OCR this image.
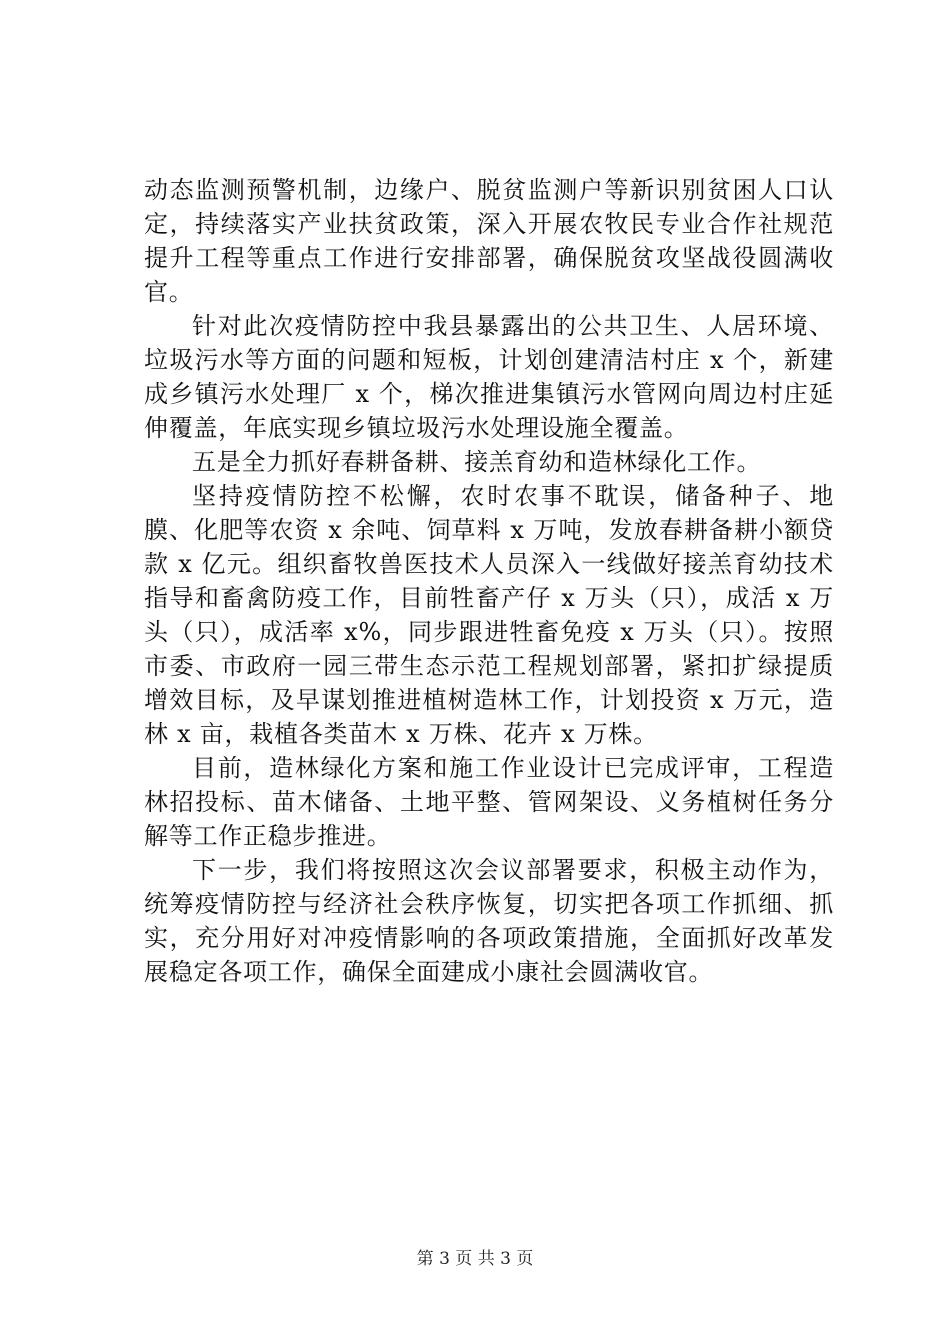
动态监测预警机制，边缘户、脱贫监测户等新识别贫困人口认定，持续落实产业扶贫政策，深入开展农牧民专业合作社规范提升工程等重点工作进行安排部署，确保脱贫攻坚战役圆满收官。

针对此次疫情防控中我县暴露出的公共卫生、人居环境、垃圾污水等方面的问题和短板，计划创建清洁村庄 x 个，新建成乡镇污水处理厂 x 个，梯次推进集镇污水管网向周边村庄延伸覆盖，年底实现乡镇垃圾污水处理设施全覆盖。

五是全力抓好春耕备耕、接羔育幼和造林绿化工作。

坚持疫情防控不松懈，农时农事不耽误，储备种子、地膜、化肥等农资 x 余吨、饲草料 x 万吨，发放春耕备耕小额贷款 x 亿元。组织畜牧兽医技术人员深入一线做好接羔育幼技术指导和畜禽防疫工作，目前牲畜产仔 x 万头（只），成活 x 万头（只），成活率 x%，同步跟进牲畜免疫 x 万头（只）。按照市委、市政府一园三带生态示范工程规划部署，紧扣扩绿提质增效目标，及早谋划推进植树造林工作，计划投资 x 万元，造林 x 亩，栽植各类苗木 x 万株、花卉 x 万株。

目前，造林绿化方案和施工作业设计已完成评审，工程造林招投标、苗木储备、土地平整、管网架设、义务植树任务分解等工作正稳步推进。

下一步，我们将按照这次会议部署要求，积极主动作为，统筹疫情防控与经济社会秩序恢复，切实把各项工作抓细、抓实，充分用好对冲疫情影响的各项政策措施，全面抓好改革发展稳定各项工作，确保全面建成小康社会圆满收官。

第 3 页 共 3 页
